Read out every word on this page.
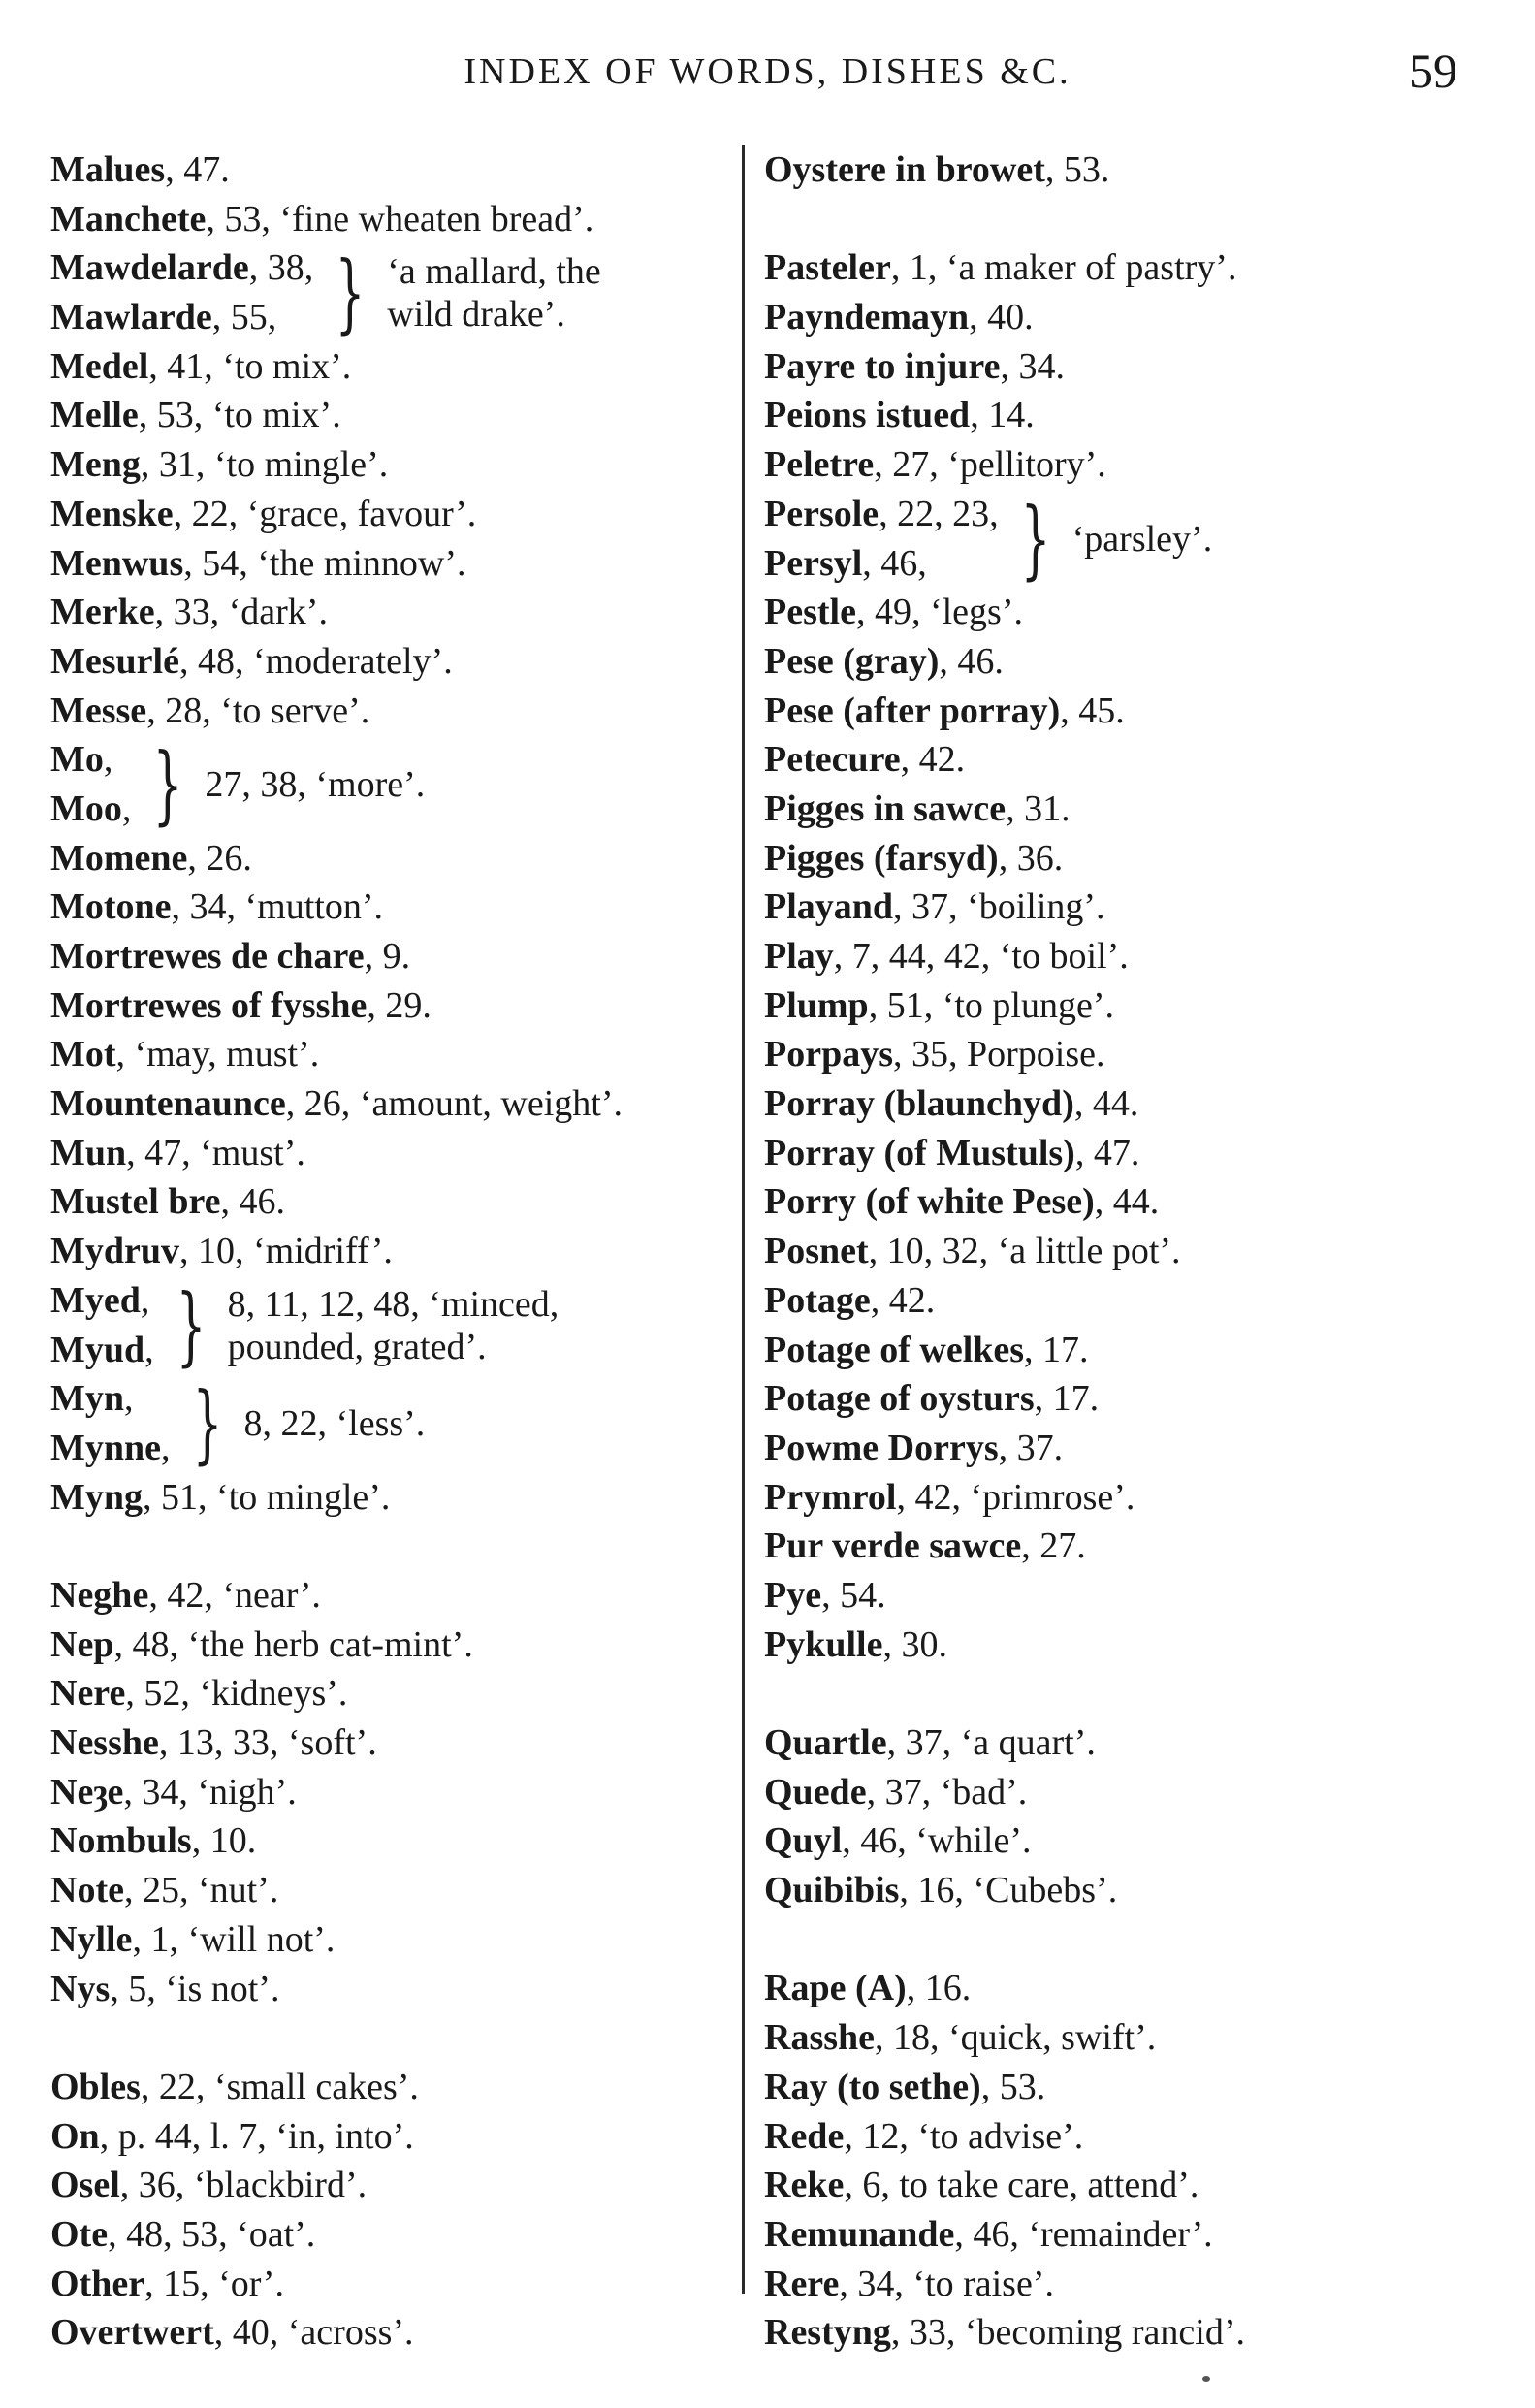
INDEX OF WORDS, DISHES &C.	59
Malues, 47.
Manchete, 53, ‘fine wheaten bread’.
Mawdelarde, 38,
Mawlarde, 55, } ‘a mallard, the
wild drake’.
Medel, 41, ‘to mix’.
Melle, 53, ‘to mix’.
Meng, 31, ‘to mingle’.
Menske, 22, ‘grace, favour’.
Menwus, 54, ‘the minnow’.
Merke, 33, ‘dark’.
Mesurlé, 48, ‘moderately’.
Messe, 28, ‘to serve’.
Mo,
Moo, } 27, 38, ‘more’.
Momene, 26.
Motone, 34, ‘mutton’.
Mortrewes de chare, 9.
Mortrewes of fysshe, 29.
Mot, ‘may, must’.
Mountenaunce, 26, ‘amount, weight’.
Mun, 47, ‘must’.
Mustel bre, 46.
Mydruv, 10, ‘midriff’.
Myed,
Myud, } 8, 11, 12, 48, ‘minced,
pounded, grated’.
Myn,
Mynne, } 8, 22, ‘less’.
Myng, 51, ‘to mingle’.
Neghe, 42, ‘near’.
Nep, 48, ‘the herb cat-mint’.
Nere, 52, ‘kidneys’.
Nesshe, 13, 33, ‘soft’.
Neȝe, 34, ‘nigh’.
Nombuls, 10.
Note, 25, ‘nut’.
Nylle, 1, ‘will not’.
Nys, 5, ‘is not’.
Obles, 22, ‘small cakes’.
On, p. 44, l. 7, ‘in, into’.
Osel, 36, ‘blackbird’.
Ote, 48, 53, ‘oat’.
Other, 15, ‘or’.
Overtwert, 40, ‘across’.
Oystere in browet, 53.
Pasteler, 1, ‘a maker of pastry’.
Payndemayn, 40.
Payre to injure, 34.
Peions istued, 14.
Peletre, 27, ‘pellitory’.
Persole, 22, 23,
Persyl, 46,	} ‘parsley’.
Pestle, 49, ‘legs’.
Pese (gray), 46.
Pese (after porray), 45.
Petecure, 42.
Pigges in sawce, 31.
Pigges (farsyd), 36.
Playand, 37, ‘boiling’.
Play, 7, 44, 42, ‘to boil’.
Plump, 51, ‘to plunge’.
Porpays, 35, Porpoise.
Porray (blaunchyd), 44.
Porray (of Mustuls), 47.
Porry (of white Pese), 44.
Posnet, 10, 32, ‘a little pot’.
Potage, 42.
Potage of welkes, 17.
Potage of oysturs, 17.
Powme Dorrys, 37.
Prymrol, 42, ‘primrose’.
Pur verde sawce, 27.
Pye, 54.
Pykulle, 30.
Quartle, 37, ‘a quart’.
Quede, 37, ‘bad’.
Quyl, 46, ‘while’.
Quibibis, 16, ‘Cubebs’.
Rape (A), 16.
Rasshe, 18, ‘quick, swift’.
Ray (to sethe), 53.
Rede, 12, ‘to advise’.
Reke, 6, to take care, attend’.
Remunande, 46, ‘remainder’.
Rere, 34, ‘to raise’.
Restyng, 33, ‘becoming rancid’.
